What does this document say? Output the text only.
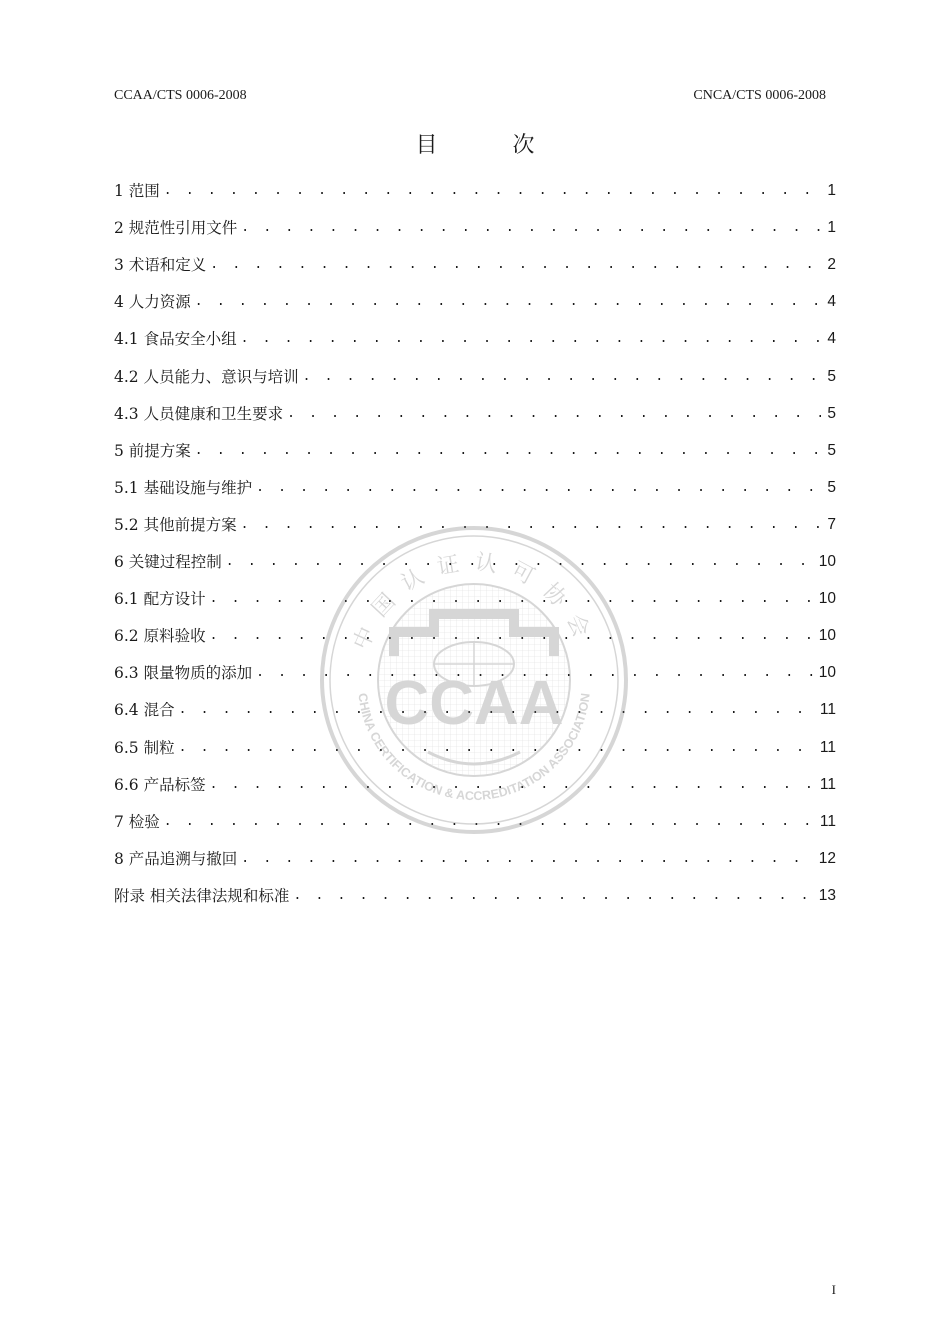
CCAA/CTS 0006-2008	CNCA/CTS 0006-2008
目 次
1 范围 . . .	1
2 规范性引用文件 . . .	1
3 术语和定义 . . .	2
4 人力资源 . . .	4
4.1 食品安全小组 . . .	4
4.2 人员能力、意识与培训 . . .	5
4.3 人员健康和卫生要求 . . .	5
5 前提方案 . . .	5
5.1 基础设施与维护 . . .	5
5.2 其他前提方案 . . .	7
6 关键过程控制 . . .	10
6.1 配方设计 . . .	10
6.2 原料验收 . . .	10
6.3 限量物质的添加 . . .	10
6.4 混合 . . .	11
6.5 制粒 . . .	11
6.6 产品标签 . . .	11
7 检验 . . .	11
8 产品追溯与撤回 . . .	12
附录 相关法律法规和标准 . . .	13
CCAA
中国认证认可协会
CHINA CERTIFICATION & ACCREDITATION ASSOCIATION
I
